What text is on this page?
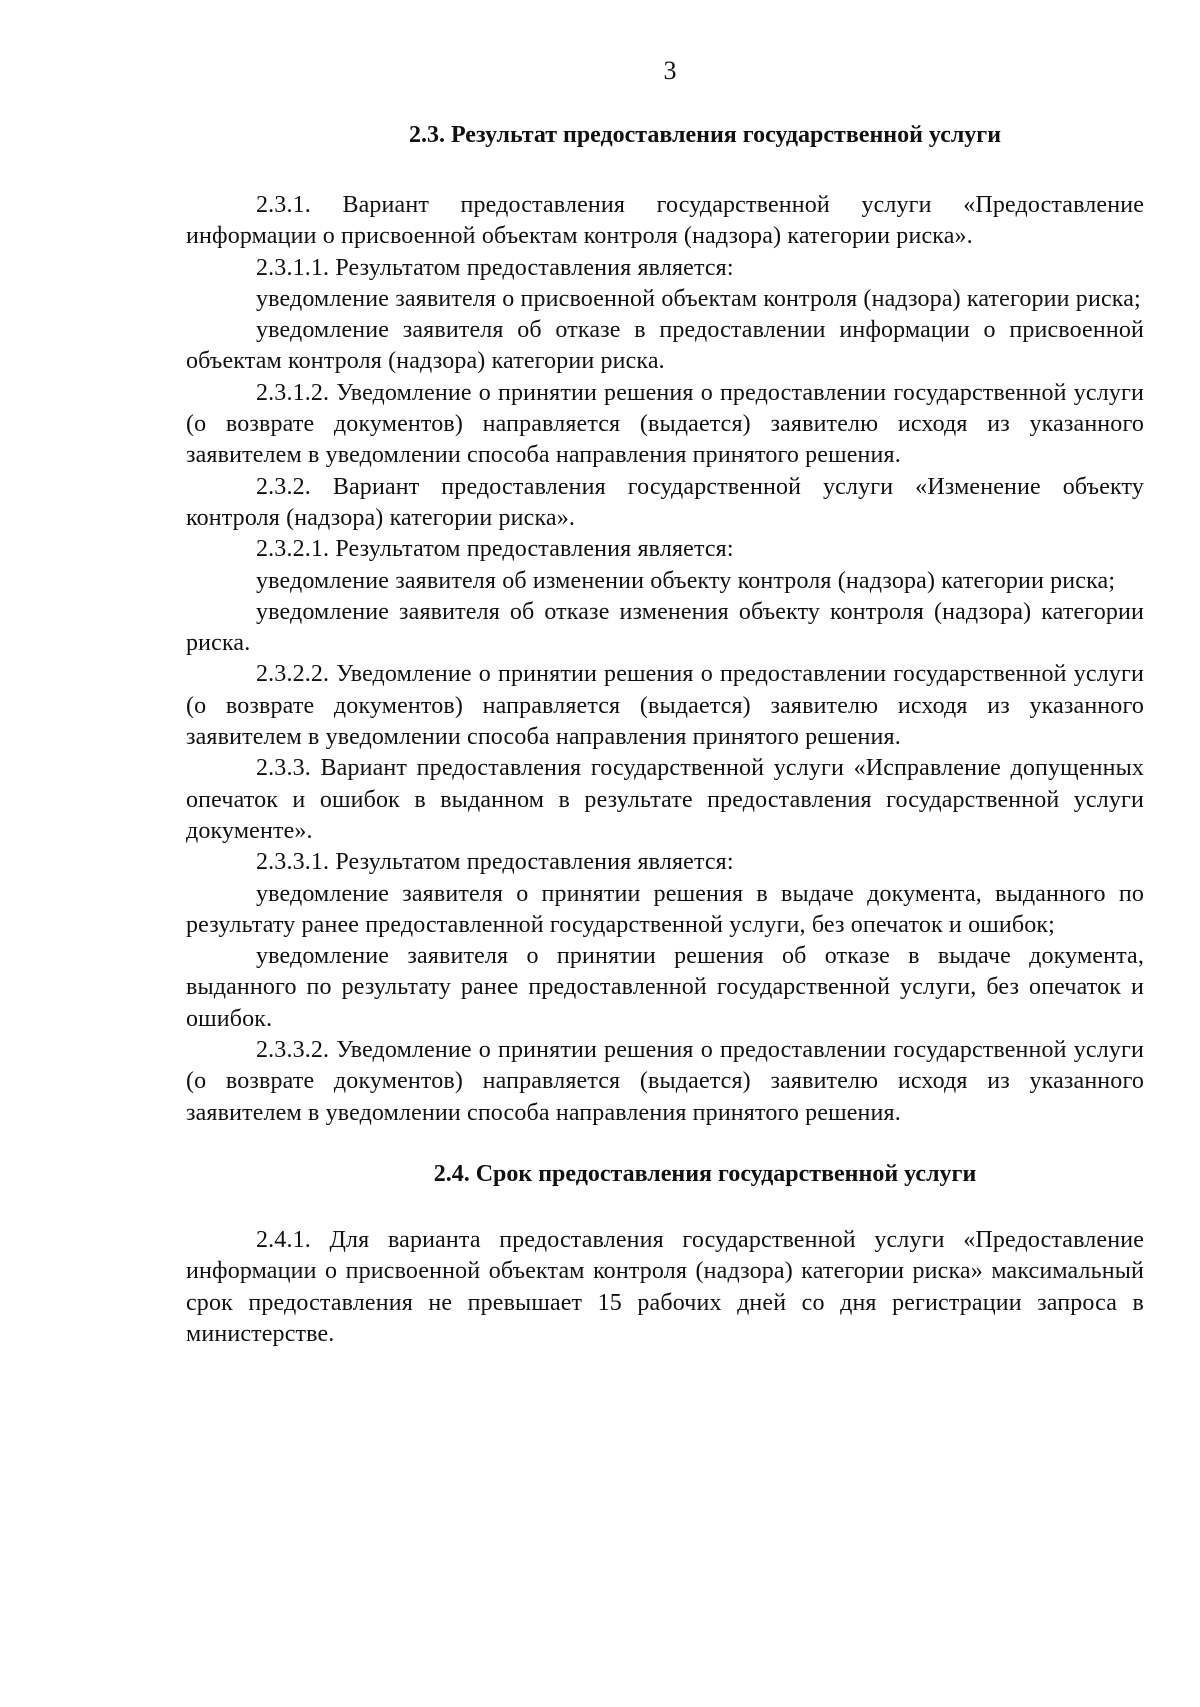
3
2.3. Результат предоставления государственной услуги

2.3.1. Вариант предоставления государственной услуги «Предоставление информации о присвоенной объектам контроля (надзора) категории риска».

2.3.1.1. Результатом предоставления является:

уведомление заявителя о присвоенной объектам контроля (надзора) категории риска;

уведомление заявителя об отказе в предоставлении информации о присвоенной объектам контроля (надзора) категории риска.

2.3.1.2. Уведомление о принятии решения о предоставлении государственной услуги (о возврате документов) направляется (выдается) заявителю исходя из указанного заявителем в уведомлении способа направления принятого решения.

2.3.2. Вариант предоставления государственной услуги «Изменение объекту контроля (надзора) категории риска».

2.3.2.1. Результатом предоставления является:

уведомление заявителя об изменении объекту контроля (надзора) категории риска;

уведомление заявителя об отказе изменения объекту контроля (надзора) категории риска.

2.3.2.2. Уведомление о принятии решения о предоставлении государственной услуги (о возврате документов) направляется (выдается) заявителю исходя из указанного заявителем в уведомлении способа направления принятого решения.

2.3.3. Вариант предоставления государственной услуги «Исправление допущенных опечаток и ошибок в выданном в результате предоставления государственной услуги документе».

2.3.3.1. Результатом предоставления является:

уведомление заявителя о принятии решения в выдаче документа, выданного по результату ранее предоставленной государственной услуги, без опечаток и ошибок;

уведомление заявителя о принятии решения об отказе в выдаче документа, выданного по результату ранее предоставленной государственной услуги, без опечаток и ошибок.

2.3.3.2. Уведомление о принятии решения о предоставлении государственной услуги (о возврате документов) направляется (выдается) заявителю исходя из указанного заявителем в уведомлении способа направления принятого решения.

2.4. Срок предоставления государственной услуги

2.4.1. Для варианта предоставления государственной услуги «Предоставление информации о присвоенной объектам контроля (надзора) категории риска» максимальный срок предоставления не превышает 15 рабочих дней со дня регистрации запроса в министерстве.
